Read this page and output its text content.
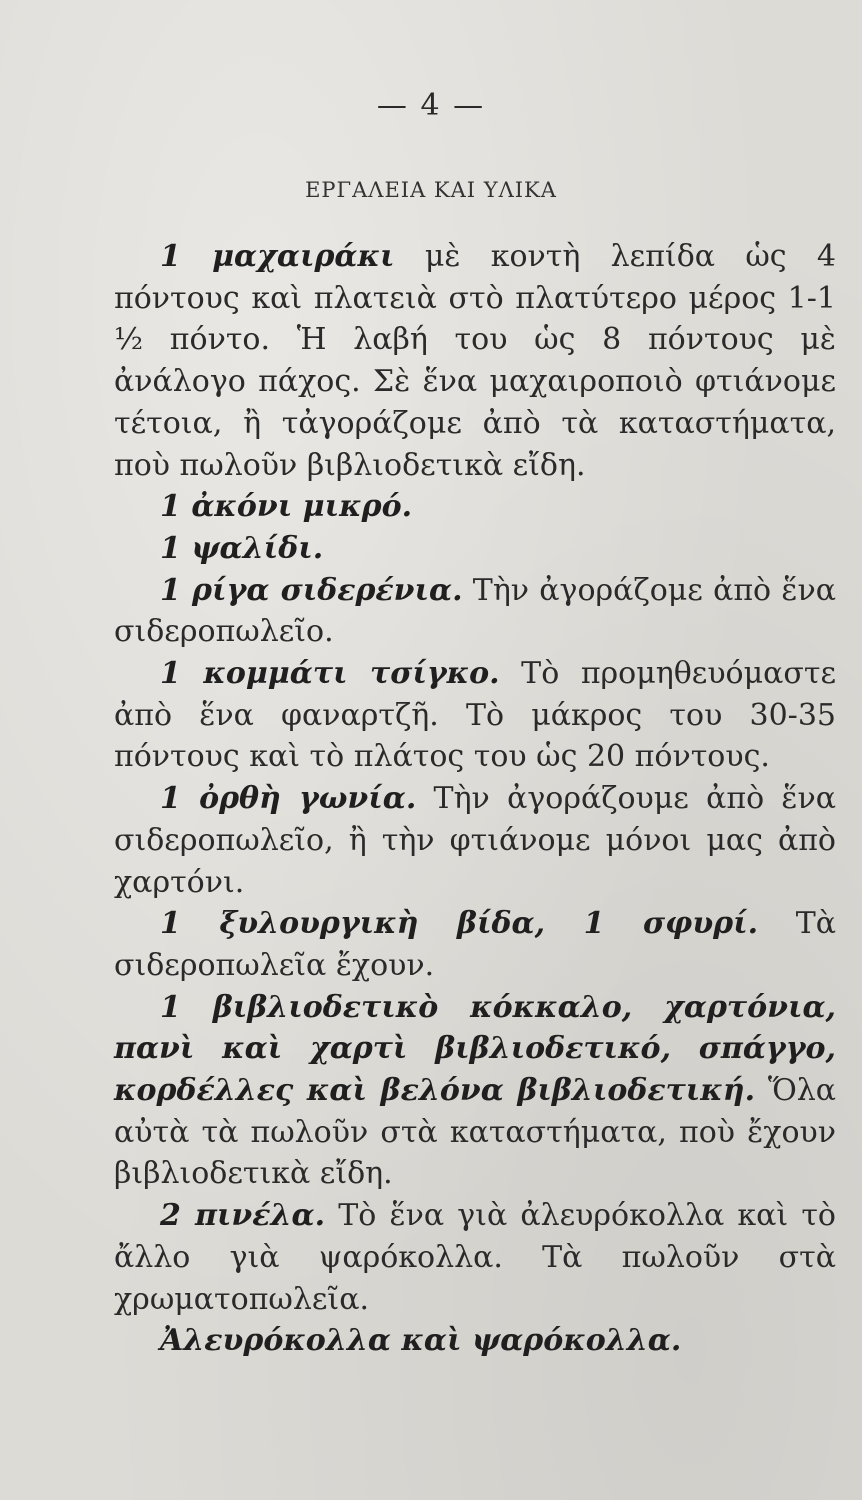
— 4 —
ΕΡΓΑΛΕΙΑ ΚΑΙ ΥΛΙΚΑ

1 μαχαιράκι μὲ κοντὴ λεπίδα ὡς 4 πόντους καὶ πλατειὰ στὸ πλατύτερο μέρος 1-1 ½ πόντο. Ἡ λαβή του ὡς 8 πόντους μὲ ἀνάλογο πάχος. Σὲ ἕνα μαχαιροποιὸ φτιάνομε τέτοια, ἢ τἀγοράζομε ἀπὸ τὰ καταστήματα, ποὺ πωλοῦν βιβλιοδετικὰ εἴδη.

1 ἀκόνι μικρό.

1 ψαλίδι.

1 ρίγα σιδερένια. Τὴν ἀγοράζομε ἀπὸ ἕνα σιδεροπωλεῖο.

1 κομμάτι τσίγκο. Τὸ προμηθευόμαστε ἀπὸ ἕνα φαναρτζῆ. Τὸ μάκρος του 30-35 πόντους καὶ τὸ πλάτος του ὡς 20 πόντους.

1 ὀρθὴ γωνία. Τὴν ἀγοράζουμε ἀπὸ ἕνα σιδεροπωλεῖο, ἢ τὴν φτιάνομε μόνοι μας ἀπὸ χαρτόνι.

1 ξυλουργικὴ βίδα, 1 σφυρί. Τὰ σιδεροπωλεῖα ἔχουν.

1 βιβλιοδετικὸ κόκκαλο, χαρτόνια, πανὶ καὶ χαρτὶ βιβλιοδετικό, σπάγγο, κορδέλλες καὶ βελόνα βιβλιοδετική. Ὅλα αὐτὰ τὰ πωλοῦν στὰ καταστήματα, ποὺ ἔχουν βιβλιοδετικὰ εἴδη.

2 πινέλα. Τὸ ἕνα γιὰ ἀλευρόκολλα καὶ τὸ ἄλλο γιὰ ψαρόκολλα. Τὰ πωλοῦν στὰ χρωματοπωλεῖα.

Ἀλευρόκολλα καὶ ψαρόκολλα.
